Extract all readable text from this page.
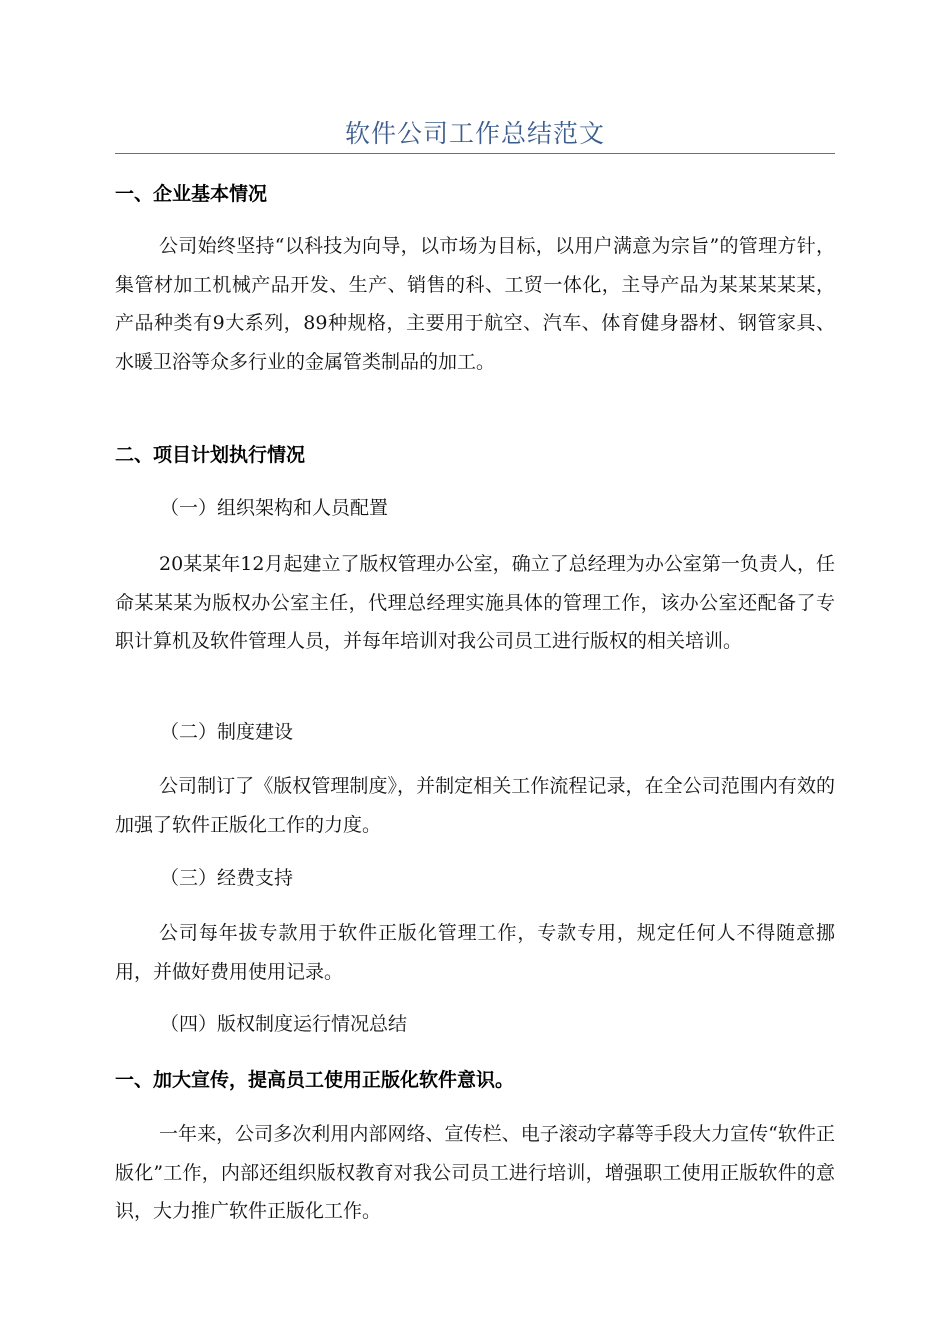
软件公司工作总结范文
一、企业基本情况

公司始终坚持“以科技为向导，以市场为目标，以用户满意为宗旨”的管理方针，集管材加工机械产品开发、生产、销售的科、工贸一体化，主导产品为某某某某某，产品种类有9大系列，89种规格，主要用于航空、汽车、体育健身器材、钢管家具、水暖卫浴等众多行业的金属管类制品的加工。

二、项目计划执行情况
（一）组织架构和人员配置

20某某年12月起建立了版权管理办公室，确立了总经理为办公室第一负责人，任命某某某为版权办公室主任，代理总经理实施具体的管理工作，该办公室还配备了专职计算机及软件管理人员，并每年培训对我公司员工进行版权的相关培训。

（二）制度建设

公司制订了《版权管理制度》，并制定相关工作流程记录，在全公司范围内有效的加强了软件正版化工作的力度。

（三）经费支持

公司每年拔专款用于软件正版化管理工作，专款专用，规定任何人不得随意挪用，并做好费用使用记录。

（四）版权制度运行情况总结
一、加大宣传，提高员工使用正版化软件意识。

一年来，公司多次利用内部网络、宣传栏、电子滚动字幕等手段大力宣传“软件正版化”工作，内部还组织版权教育对我公司员工进行培训，增强职工使用正版软件的意识，大力推广软件正版化工作。
